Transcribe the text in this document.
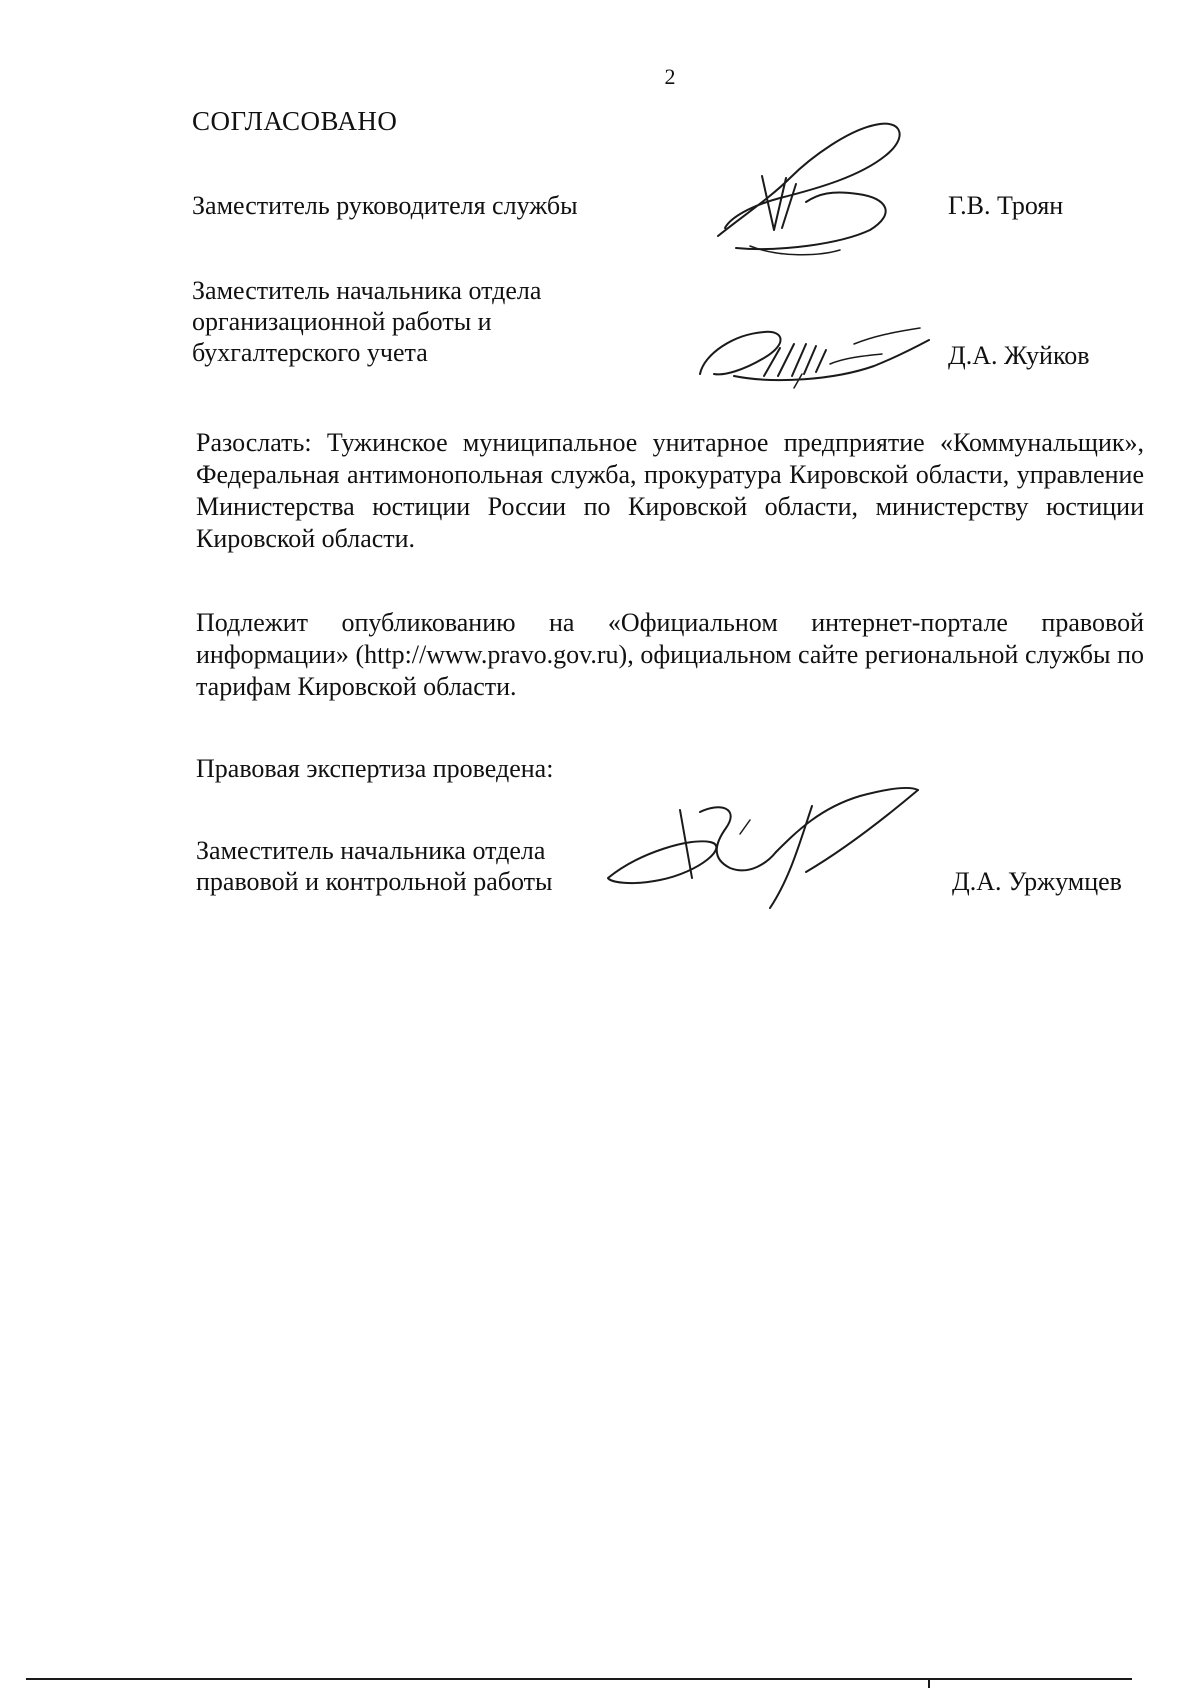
2
СОГЛАСОВАНО
Заместитель руководителя службы	Г.В. Троян
Заместитель начальника отдела
организационной работы и
бухгалтерского учета	Д.А. Жуйков
Разослать: Тужинское муниципальное унитарное предприятие «Коммунальщик», Федеральная антимонопольная служба, прокуратура Кировской области, управление Министерства юстиции России по Кировской области, министерству юстиции Кировской области.
Подлежит опубликованию на «Официальном интернет-портале правовой информации» (http://www.pravo.gov.ru), официальном сайте региональной службы по тарифам Кировской области.
Правовая экспертиза проведена:
Заместитель начальника отдела
правовой и контрольной работы	Д.А. Уржумцев
